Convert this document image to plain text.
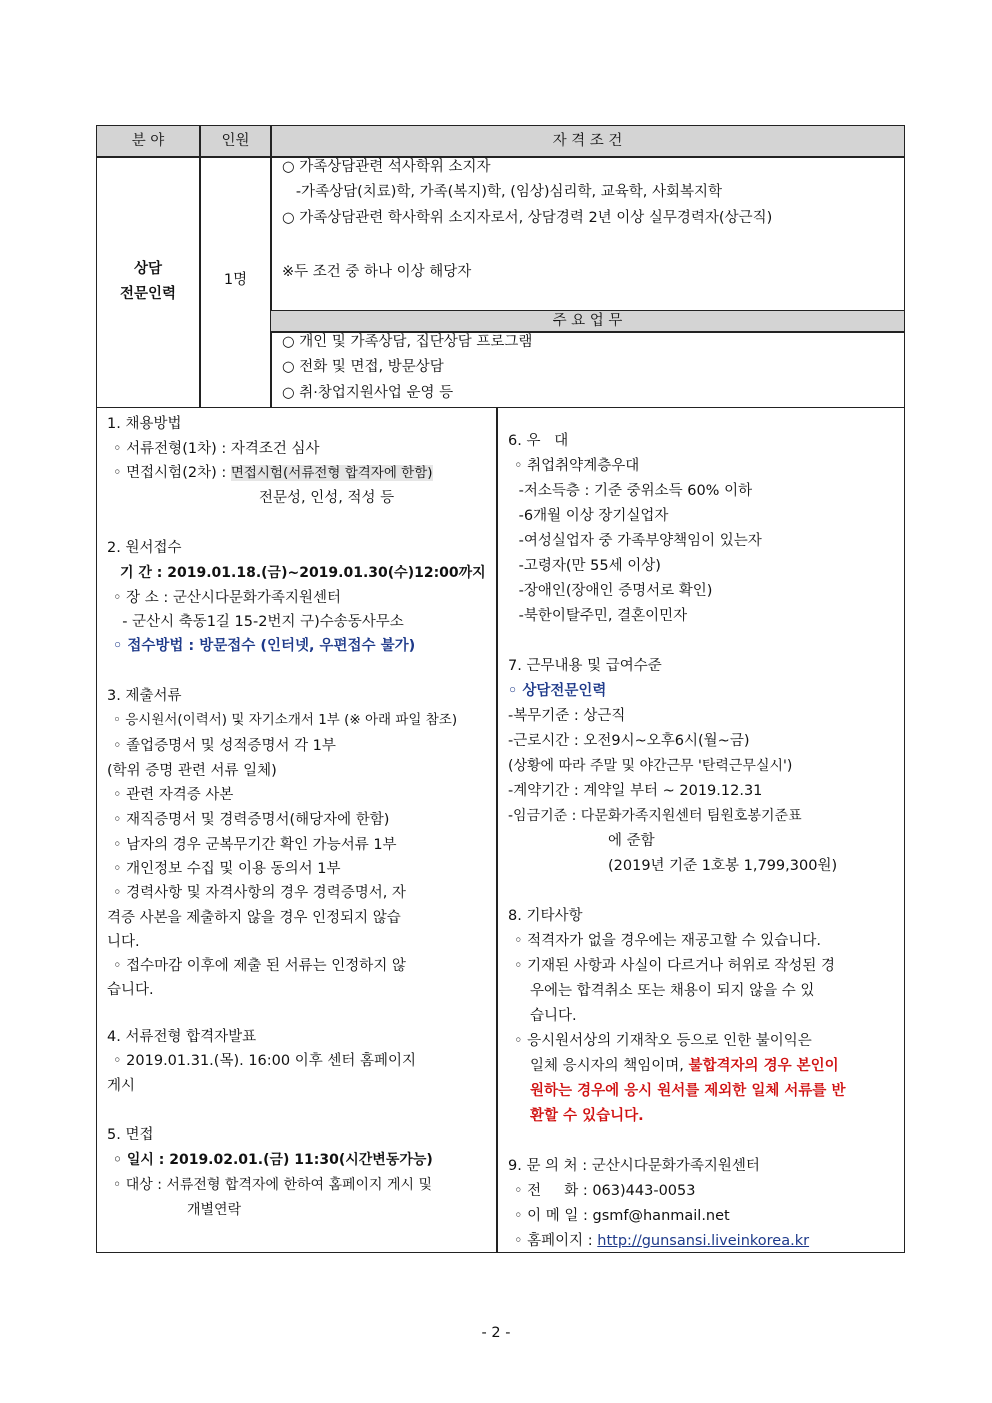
분 야	인원	자 격 조 건
상담
전문인력
1명
○ 가족상담관련 석사학위 소지자
-가족상담(치료)학, 가족(복지)학, (임상)심리학, 교육학, 사회복지학
○ 가족상담관련 학사학위 소지자로서, 상담경력 2년 이상 실무경력자(상근직)
※두 조건 중 하나 이상 해당자
주 요 업 무
○ 개인 및 가족상담, 집단상담 프로그램
○ 전화 및 면접, 방문상담
○ 취·창업지원사업 운영 등
1. 채용방법
◦ 서류전형(1차) : 자격조건 심사
◦ 면접시험(2차) : 면접시험(서류전형 합격자에 한함)
전문성, 인성, 적성 등
2. 원서접수
기 간 : 2019.01.18.(금)~2019.01.30(수)12:00까지
◦ 장 소 : 군산시다문화가족지원센터
- 군산시 축동1길 15-2번지 구)수송동사무소
◦ 접수방법 : 방문접수 (인터넷, 우편접수 불가)
3. 제출서류
◦ 응시원서(이력서) 및 자기소개서 1부 (※ 아래 파일 참조)
◦ 졸업증명서 및 성적증명서 각 1부
(학위 증명 관련 서류 일체)
◦ 관련 자격증 사본
◦ 재직증명서 및 경력증명서(해당자에 한함)
◦ 남자의 경우 군복무기간 확인 가능서류 1부
◦ 개인정보 수집 및 이용 동의서 1부
◦ 경력사항 및 자격사항의 경우 경력증명서, 자
격증 사본을 제출하지 않을 경우 인정되지 않습
니다.
◦ 접수마감 이후에 제출 된 서류는 인정하지 않
습니다.
4. 서류전형 합격자발표
◦ 2019.01.31.(목). 16:00 이후 센터 홈페이지
게시
5. 면접
◦ 일시 : 2019.02.01.(금) 11:30(시간변동가능)
◦ 대상 : 서류전형 합격자에 한하여 홈페이지 게시 및
개별연락
6. 우   대
◦ 취업취약계층우대
-저소득층 : 기준 중위소득 60% 이하
-6개월 이상 장기실업자
-여성실업자 중 가족부양책임이 있는자
-고령자(만 55세 이상)
-장애인(장애인 증명서로 확인)
-북한이탈주민, 결혼이민자
7. 근무내용 및 급여수준
◦ 상담전문인력
-복무기준 : 상근직
-근로시간 : 오전9시~오후6시(월~금)
(상황에 따라 주말 및 야간근무 '탄력근무실시')
-계약기간 : 계약일 부터 ~ 2019.12.31
-임금기준 : 다문화가족지원센터 팀원호봉기준표
에 준함
(2019년 기준 1호봉 1,799,300원)
8. 기타사항
◦ 적격자가 없을 경우에는 재공고할 수 있습니다.
◦ 기재된 사항과 사실이 다르거나 허위로 작성된 경
우에는 합격취소 또는 채용이 되지 않을 수 있
습니다.
◦ 응시원서상의 기재착오 등으로 인한 불이익은
일체 응시자의 책임이며, 불합격자의 경우 본인이
원하는 경우에 응시 원서를 제외한 일체 서류를 반
환할 수 있습니다.
9. 문 의 처 : 군산시다문화가족지원센터
◦ 전     화 : 063)443-0053
◦ 이 메 일 : gsmf@hanmail.net
◦ 홈페이지 : http://gunsansi.liveinkorea.kr
- 2 -
